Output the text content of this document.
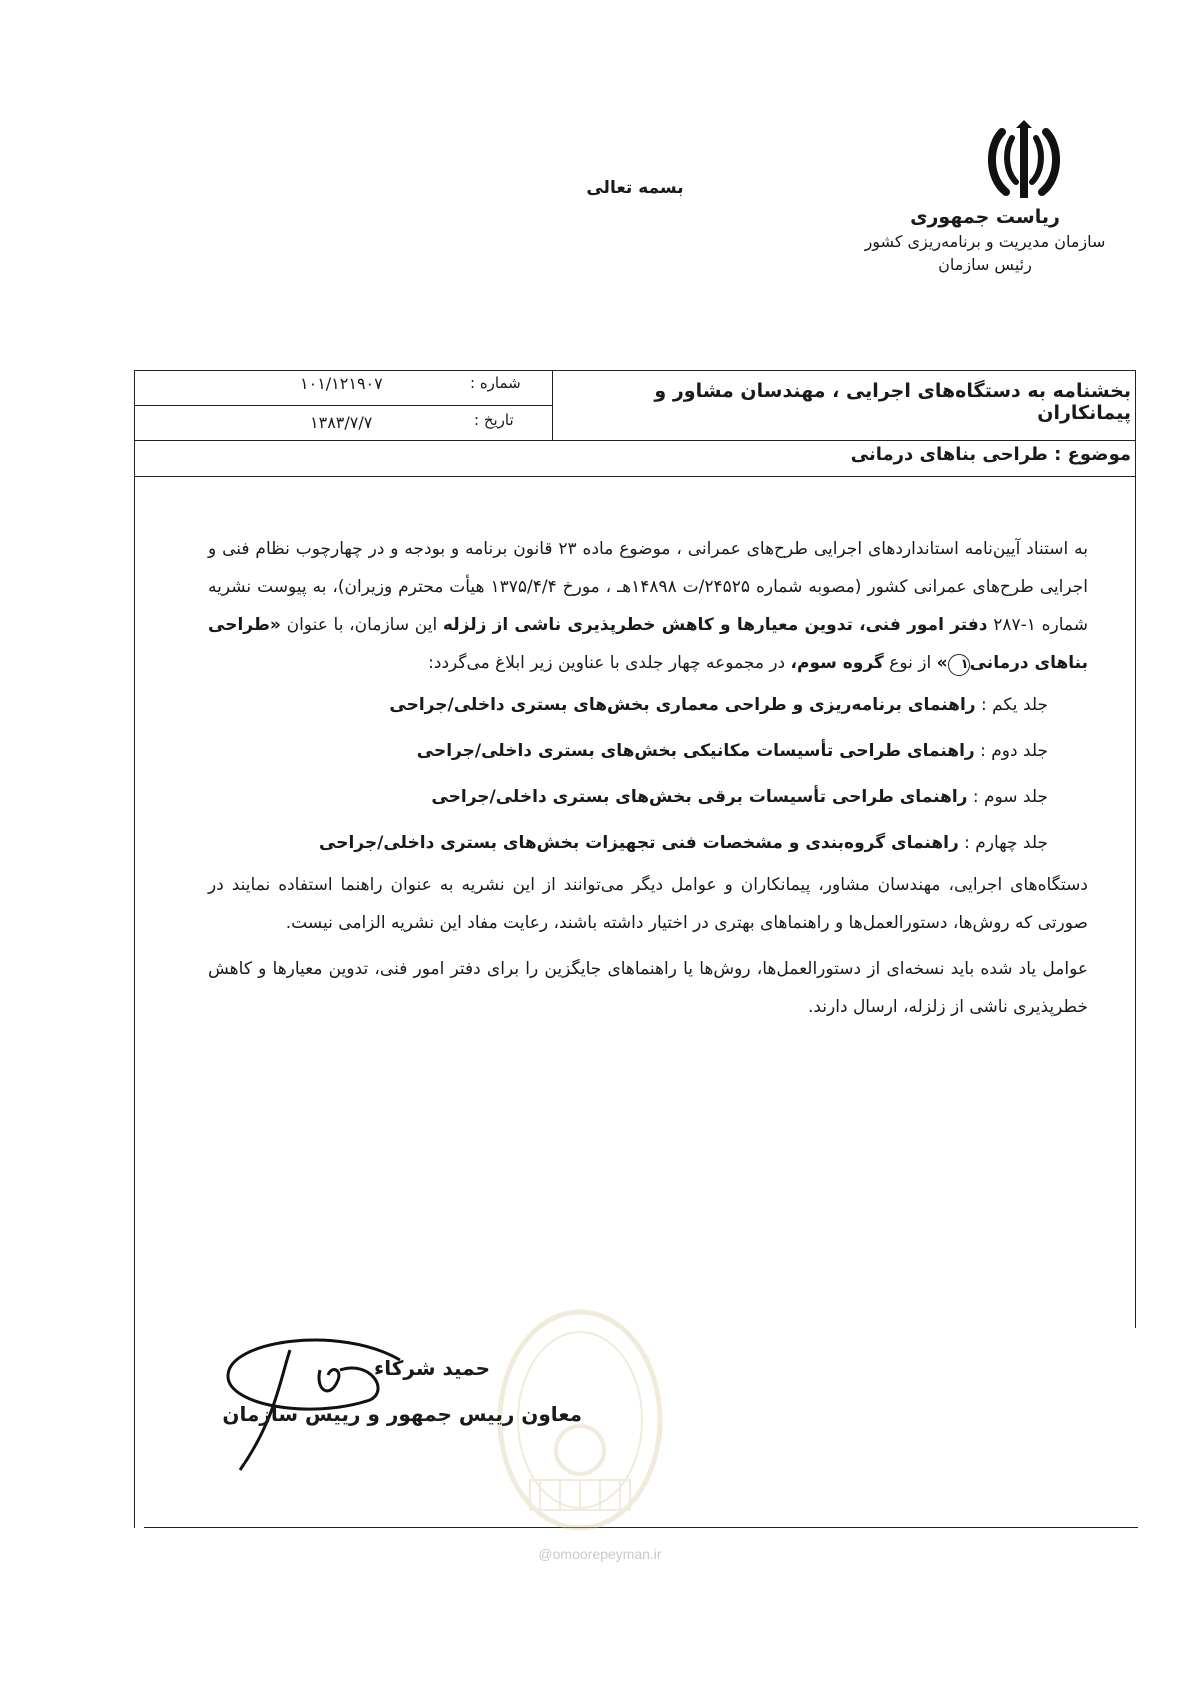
بسمه تعالی
ریاست جمهوری
سازمان مدیریت و برنامه‌ریزی کشور
رئیس سازمان
بخشنامه به دستگاه‌های اجرایی ، مهندسان مشاور و پیمانکاران
شماره :
۱۰۱/۱۲۱۹۰۷
تاریخ :
۱۳۸۳/۷/۷
موضوع : طراحی بناهای درمانی

به استناد آیین‌نامه استانداردهای اجرایی طرح‌های عمرانی ، موضوع ماده ۲۳ قانون برنامه و بودجه و در چهارچوب نظام فنی و اجرایی طرح‌های عمرانی کشور (مصوبه شماره ۲۴۵۲۵/ت ۱۴۸۹۸هـ ، مورخ ۱۳۷۵/۴/۴ هیأت محترم وزیران)، به پیوست نشریه شماره ۱-۲۸۷ دفتر امور فنی، تدوین معیارها و کاهش خطرپذیری ناشی از زلزله این سازمان، با عنوان «طراحی بناهای درمانی۱» از نوع گروه سوم، در مجموعه چهار جلدی با عناوین زیر ابلاغ می‌گردد:

جلد یکم : راهنمای برنامه‌ریزی و طراحی معماری بخش‌های بستری داخلی/جراحی
جلد دوم : راهنمای طراحی تأسیسات مکانیکی بخش‌های بستری داخلی/جراحی
جلد سوم : راهنمای طراحی تأسیسات برقی بخش‌های بستری داخلی/جراحی
جلد چهارم : راهنمای گروه‌بندی و مشخصات فنی تجهیزات بخش‌های بستری داخلی/جراحی

دستگاه‌های اجرایی، مهندسان مشاور، پیمانکاران و عوامل دیگر می‌توانند از این نشریه به عنوان راهنما استفاده نمایند در صورتی که روش‌ها، دستورالعمل‌ها و راهنماهای بهتری در اختیار داشته باشند، رعایت مفاد این نشریه الزامی نیست.

عوامل یاد شده باید نسخه‌ای از دستورالعمل‌ها، روش‌ها یا راهنماهای جایگزین را برای دفتر امور فنی، تدوین معیارها و کاهش خطرپذیری ناشی از زلزله، ارسال دارند.

@omoorepeyman.ir
حمید شرکاء
معاون رییس جمهور و رییس سازمان
